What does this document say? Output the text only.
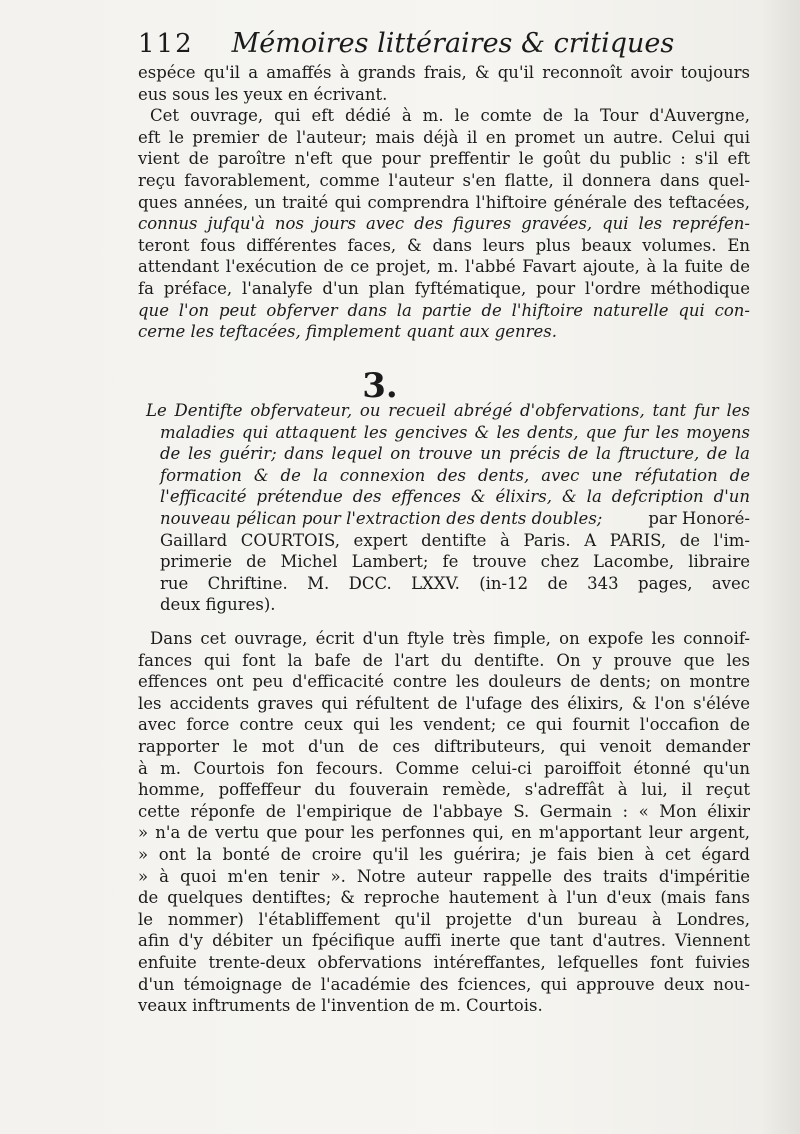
112 Mémoires littéraires & critiques
espéce qu'il a amaffés à grands frais, & qu'il reconnoît avoir toujours
eus sous les yeux en écrivant.
Cet ouvrage, qui eft dédié à m. le comte de la Tour d'Auvergne,
eft le premier de l'auteur; mais déjà il en promet un autre. Celui qui
vient de paroître n'eft que pour preffentir le goût du public : s'il eft
reçu favorablement, comme l'auteur s'en flatte, il donnera dans quel-
ques années, un traité qui comprendra l'hiftoire générale des teftacées,
connus jufqu'à nos jours avec des figures gravées, qui les repréfen-
teront fous différentes faces, & dans leurs plus beaux volumes. En
attendant l'exécution de ce projet, m. l'abbé Favart ajoute, à la fuite de
fa préface, l'analyfe d'un plan fyftématique, pour l'ordre méthodique
que l'on peut obferver dans la partie de l'hiftoire naturelle qui con-
cerne les teftacées, fimplement quant aux genres.
3.
Le Dentifte obfervateur, ou recueil abrégé d'obfervations, tant fur les
maladies qui attaquent les gencives & les dents, que fur les moyens
de les guérir; dans lequel on trouve un précis de la ftructure, de la
formation & de la connexion des dents, avec une réfutation de
l'efficacité prétendue des effences & élixirs, & la defcription d'un
nouveau pélican pour l'extraction des dents doubles;	par Honoré-
Gaillard COURTOIS, expert dentifte à Paris. A PARIS, de l'im-
primerie de Michel Lambert; fe trouve chez Lacombe, libraire
rue Chriftine. M. DCC. LXXV. (in-12 de 343 pages, avec
deux figures).
Dans cet ouvrage, écrit d'un ftyle très fimple, on expofe les connoif-
fances qui font la bafe de l'art du dentifte. On y prouve que les
effences ont peu d'efficacité contre les douleurs de dents; on montre
les accidents graves qui réfultent de l'ufage des élixirs, & l'on s'éléve
avec force contre ceux qui les vendent; ce qui fournit l'occafion de
rapporter le mot d'un de ces diftributeurs, qui venoit demander
à m. Courtois fon fecours. Comme celui-ci paroiffoit étonné qu'un
homme, poffeffeur du fouverain remède, s'adreffât à lui, il reçut
cette réponfe de l'empirique de l'abbaye S. Germain : « Mon élixir
» n'a de vertu que pour les perfonnes qui, en m'apportant leur argent,
» ont la bonté de croire qu'il les guérira; je fais bien à cet égard
» à quoi m'en tenir ». Notre auteur rappelle des traits d'impéritie
de quelques dentiftes; & reproche hautement à l'un d'eux (mais fans
le nommer) l'établiffement qu'il projette d'un bureau à Londres,
afin d'y débiter un fpécifique auffi inerte que tant d'autres. Viennent
enfuite trente-deux obfervations intéreffantes, lefquelles font fuivies
d'un témoignage de l'académie des fciences, qui approuve deux nou-
veaux inftruments de l'invention de m. Courtois.
